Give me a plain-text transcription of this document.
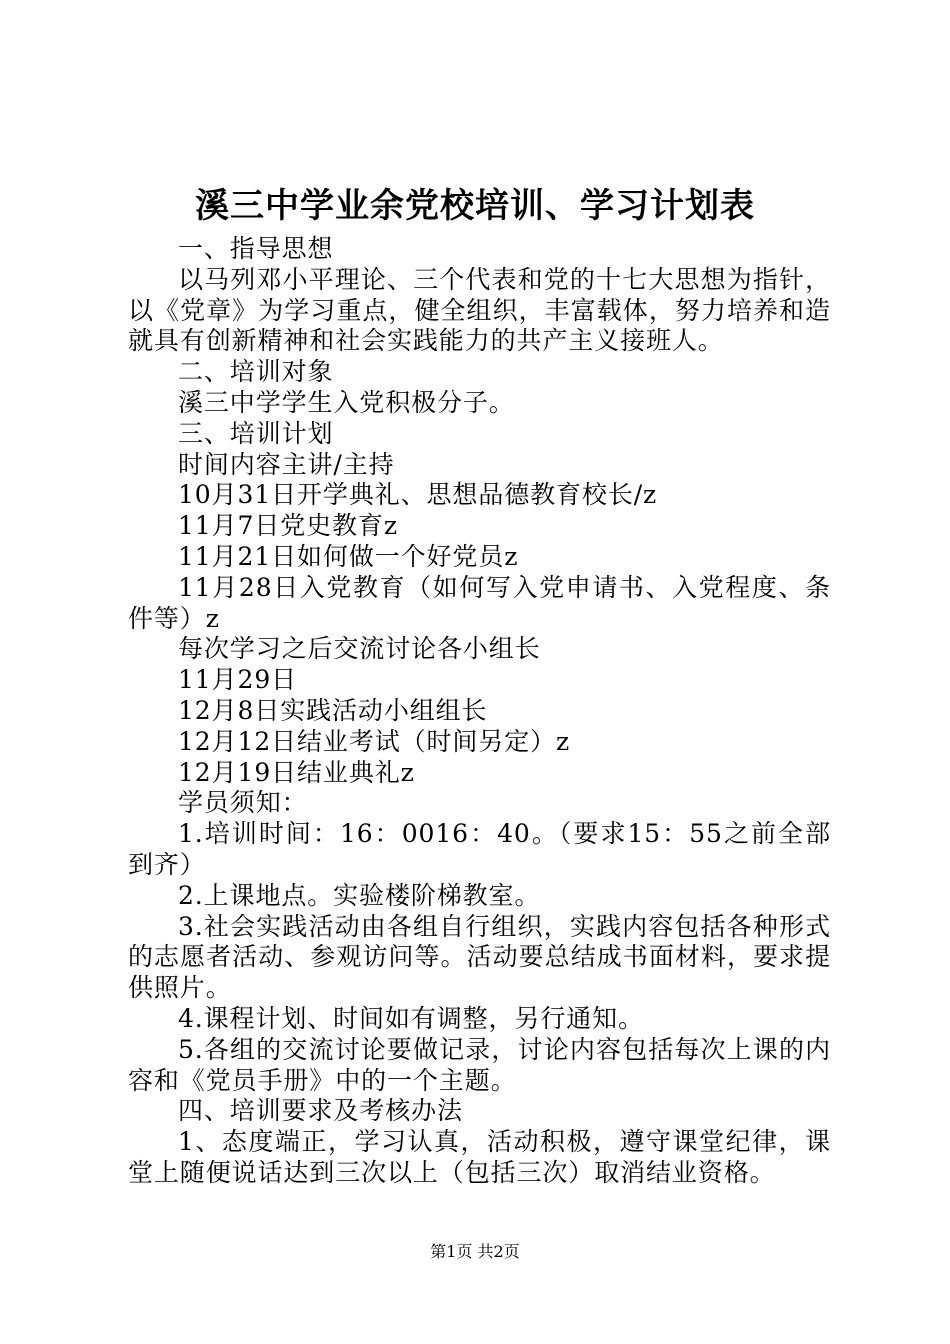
溪三中学业余党校培训、学习计划表

一、指导思想

以马列邓小平理论、三个代表和党的十七大思想为指针，以《党章》为学习重点，健全组织，丰富载体，努力培养和造就具有创新精神和社会实践能力的共产主义接班人。

二、培训对象

溪三中学学生入党积极分子。

三、培训计划

时间内容主讲/主持

10月31日开学典礼、思想品德教育校长/z

11月7日党史教育z

11月21日如何做一个好党员z

11月28日入党教育（如何写入党申请书、入党程度、条件等）z

每次学习之后交流讨论各小组长

11月29日

12月8日实践活动小组组长

12月12日结业考试（时间另定）z

12月19日结业典礼z

学员须知：

1.培训时间：16：0016：40。（要求15：55之前全部到齐）

2.上课地点。实验楼阶梯教室。

3.社会实践活动由各组自行组织，实践内容包括各种形式的志愿者活动、参观访问等。活动要总结成书面材料，要求提供照片。

4.课程计划、时间如有调整，另行通知。

5.各组的交流讨论要做记录，讨论内容包括每次上课的内容和《党员手册》中的一个主题。

四、培训要求及考核办法

1、态度端正，学习认真，活动积极，遵守课堂纪律，课堂上随便说话达到三次以上（包括三次）取消结业资格。

第1页 共2页
